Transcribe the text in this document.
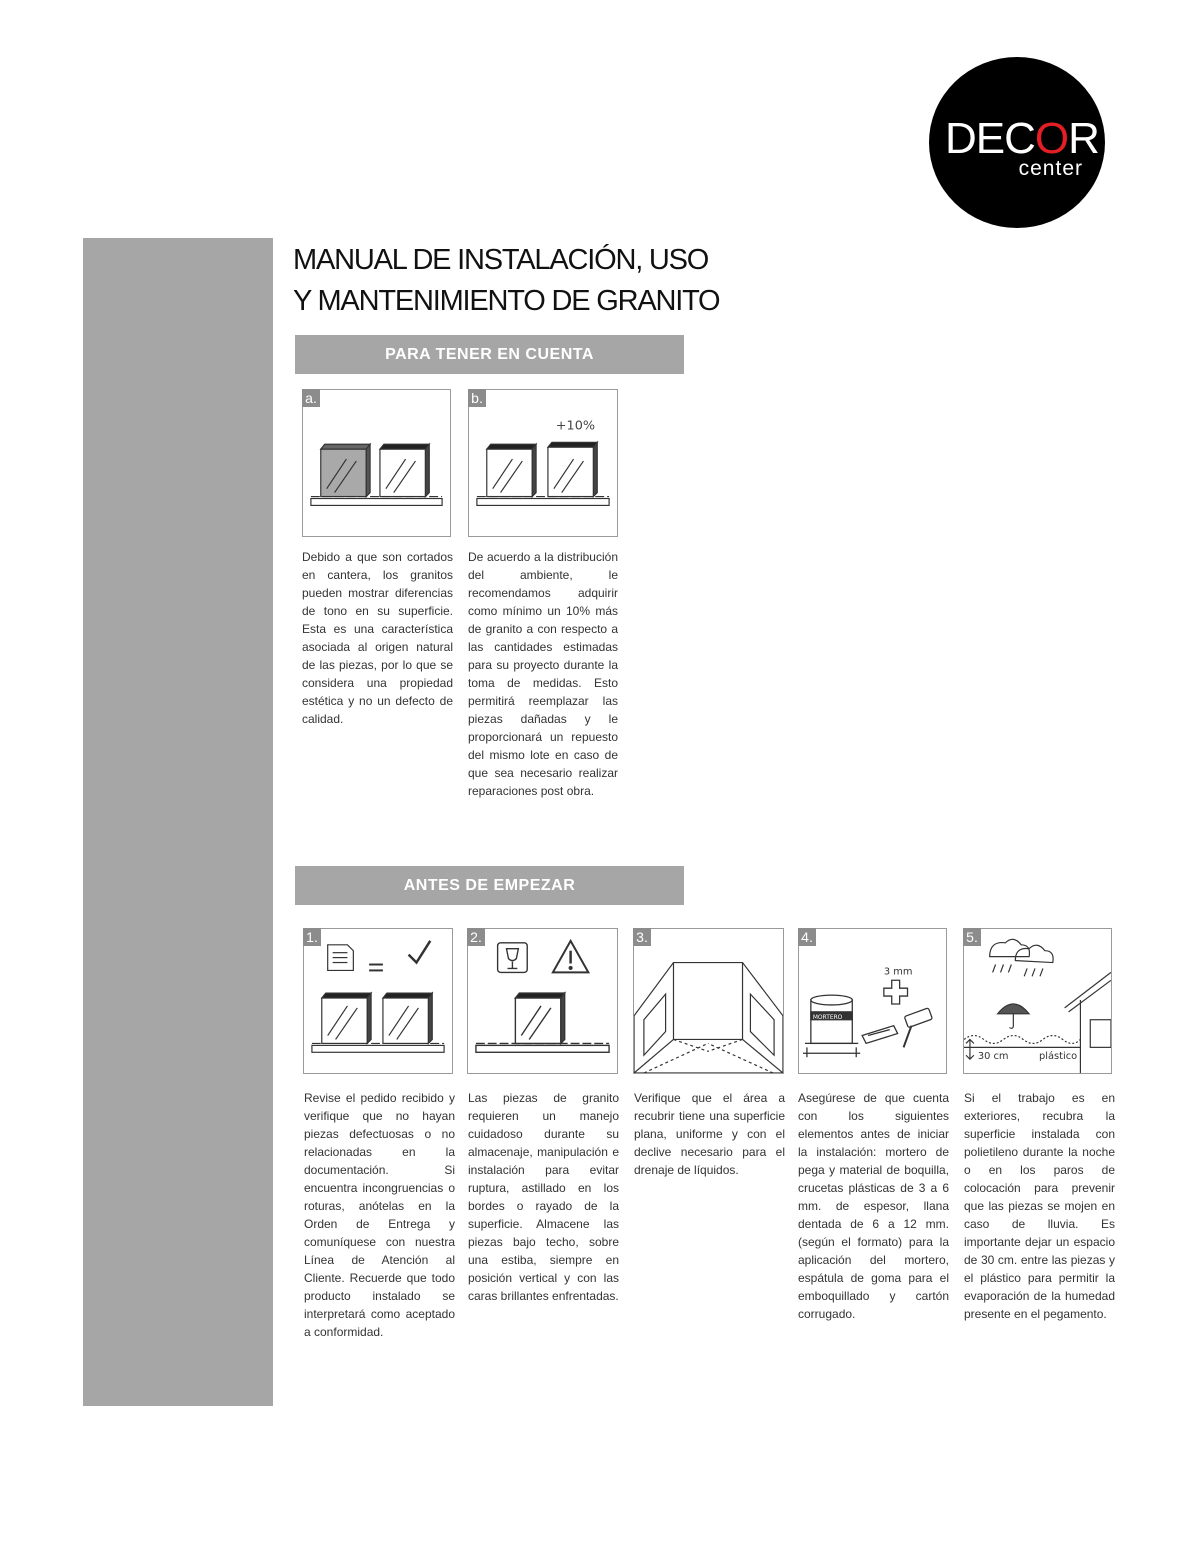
DECOR
center
MANUAL DE INSTALACIÓN, USO
Y MANTENIMIENTO DE GRANITO
PARA TENER EN CUENTA
a.	b.
+10%

Debido a que son cortados en cantera, los granitos pueden mostrar diferencias de tono en su superficie. Esta es una característica asociada al origen natural de las piezas, por lo que se considera una propiedad estética y no un defecto de calidad.

De acuerdo a la distribución del ambiente, le recomendamos adquirir como mínimo un 10% más de granito a con respecto a las cantidades estimadas para su proyecto durante la toma de medidas. Esto permitirá reemplazar las piezas dañadas y le proporcionará un repuesto del mismo lote en caso de que sea necesario realizar reparaciones post obra.

ANTES DE EMPEZAR
1.	2.	3.	4.
3 mm
MORTERO
5.
30 cm	plástico

Revise el pedido recibido y verifique que no hayan piezas defectuosas o no relacionadas en la documentación. Si encuentra incongruencias o roturas, anótelas en la Orden de Entrega y comuníquese con nuestra Línea de Atención al Cliente. Recuerde que todo producto instalado se interpretará como aceptado a conformidad.

Las piezas de granito requieren un manejo cuidadoso durante su almacenaje, manipulación e instalación para evitar ruptura, astillado en los bordes o rayado de la superficie. Almacene las piezas bajo techo, sobre una estiba, siempre en posición vertical y con las caras brillantes enfrentadas.

Verifique que el área a recubrir tiene una superficie plana, uniforme y con el declive necesario para el drenaje de líquidos.

Asegúrese de que cuenta con los siguientes elementos antes de iniciar la instalación: mortero de pega y material de boquilla, crucetas plásticas de 3 a 6 mm. de espesor, llana dentada de 6 a 12 mm. (según el formato) para la aplicación del mortero, espátula de goma para el emboquillado y cartón corrugado.

Si el trabajo es en exteriores, recubra la superficie instalada con polietileno durante la noche o en los paros de colocación para prevenir que las piezas se mojen en caso de lluvia. Es importante dejar un espacio de 30 cm. entre las piezas y el plástico para permitir la evaporación de la humedad presente en el pegamento.
